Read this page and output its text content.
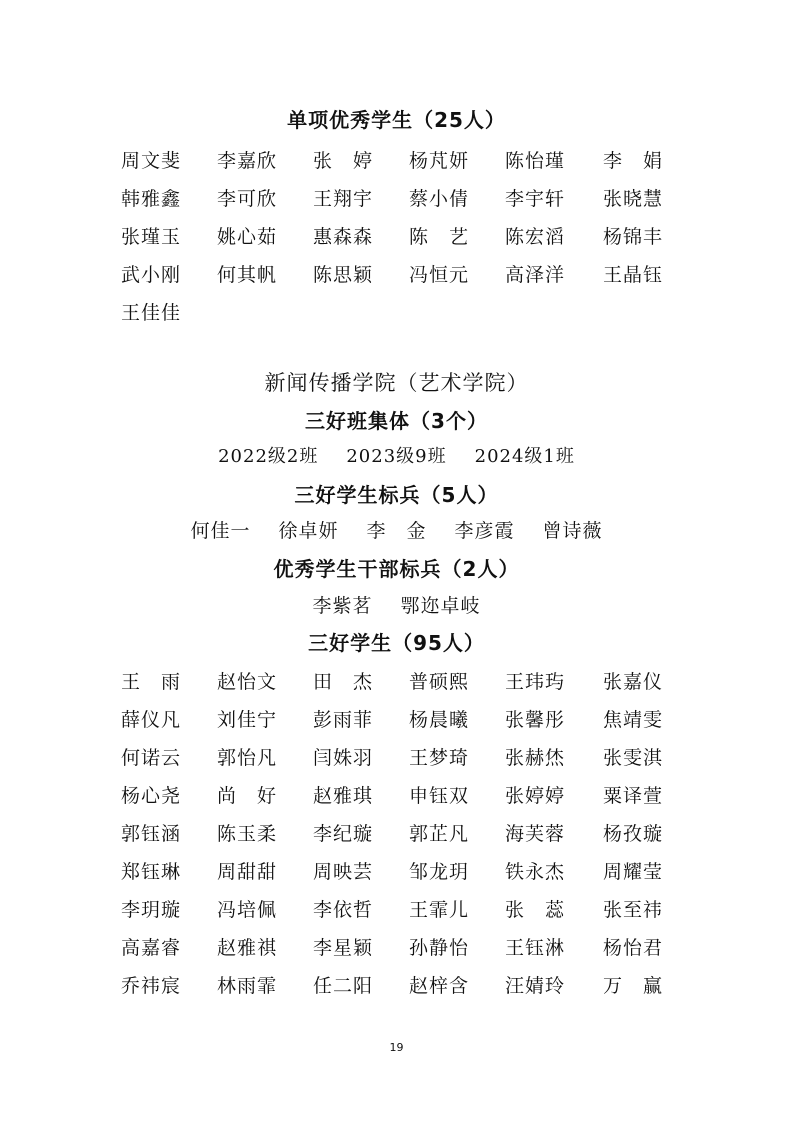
单项优秀学生（25人）
周文斐 李嘉欣 张　婷 杨芃妍 陈怡瑾 李　娟
韩雅鑫 李可欣 王翔宇 蔡小倩 李宇轩 张晓慧
张瑾玉 姚心茹 惠森森 陈　艺 陈宏滔 杨锦丰
武小刚 何其帆 陈思颖 冯恒元 高泽洋 王晶钰
王佳佳
新闻传播学院（艺术学院）
三好班集体（3个）
2022级2班 2023级9班 2024级1班
三好学生标兵（5人）
何佳一 徐卓妍 李　金 李彦霞 曾诗薇
优秀学生干部标兵（2人）
李紫茗 鄂迩卓岐
三好学生（95人）
王　雨 赵怡文 田　杰 普硕熙 王玮玙 张嘉仪
薛仪凡 刘佳宁 彭雨菲 杨晨曦 张馨彤 焦靖雯
何诺云 郭怡凡 闫姝羽 王梦琦 张赫烋 张雯淇
杨心尧 尚　好 赵雅琪 申钰双 张婷婷 粟译萱
郭钰涵 陈玉柔 李纪璇 郭芷凡 海芙蓉 杨孜璇
郑钰琳 周甜甜 周映芸 邹龙玥 铁永杰 周耀莹
李玥璇 冯培佩 李依哲 王霏儿 张　蕊 张至祎
高嘉睿 赵雅祺 李星颖 孙静怡 王钰淋 杨怡君
乔祎宸 林雨霏 任二阳 赵梓含 汪婧玲 万　赢
19
